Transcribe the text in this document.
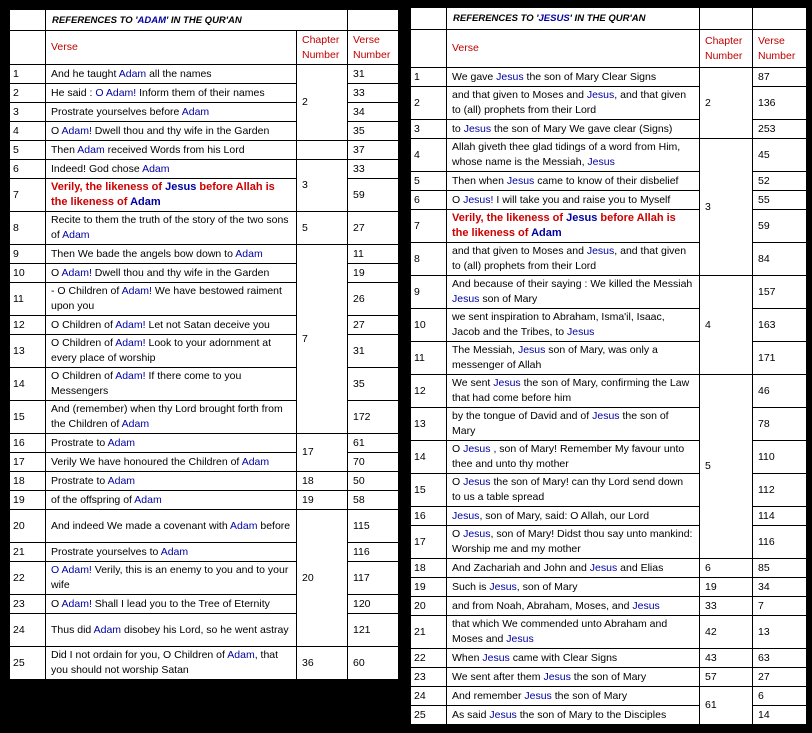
	REFERENCES TO 'ADAM' IN THE QUR'AN		
	Verse	Chapter Number	Verse Number
1	And he taught Adam all the names	2	31
2	He said : O Adam! Inform them of their names		33
3	Prostrate yourselves before Adam		34
4	O Adam! Dwell thou and thy wife in the Garden		35
5	Then Adam received Words from his Lord		37
6	Indeed! God chose Adam	3	33
7	Verily, the likeness of Jesus before Allah is the likeness of Adam		59
8	Recite to them the truth of the story of the two sons of Adam	5	27
9	Then We bade the angels bow down to Adam	7	11
10	O Adam! Dwell thou and thy wife in the Garden		19
11	- O Children of Adam! We have bestowed raiment upon you		26
12	O Children of Adam! Let not Satan deceive you		27
13	O Children of Adam! Look to your adornment at every place of worship		31
14	O Children of Adam! If there come to you Messengers		35
15	And (remember) when thy Lord brought forth from the Children of Adam		172
16	Prostrate to Adam	17	61
17	Verily We have honoured the Children of Adam		70
18	Prostrate to Adam	18	50
19	of the offspring of Adam	19	58
20	And indeed We made a covenant with Adam before	20	115
21	Prostrate yourselves to Adam		116
22	O Adam! Verily, this is an enemy to you and to your wife		117
23	O Adam! Shall I lead you to the Tree of Eternity		120
24	Thus did Adam disobey his Lord, so he went astray		121
25	Did I not ordain for you, O Children of Adam, that you should not worship Satan	36	60
	REFERENCES TO 'JESUS' IN THE QUR'AN		
	Verse	Chapter Number	Verse Number
1	We gave Jesus the son of Mary Clear Signs	2	87
2	and that given to Moses and Jesus, and that given to (all) prophets from their Lord		136
3	to Jesus the son of Mary We gave clear (Signs)		253
4	Allah giveth thee glad tidings of a word from Him, whose name is the Messiah, Jesus	3	45
5	Then when Jesus came to know of their disbelief		52
6	O Jesus! I will take you and raise you to Myself		55
7	Verily, the likeness of Jesus before Allah is the likeness of Adam		59
8	and that given to Moses and Jesus, and that given to (all) prophets from their Lord		84
9	And because of their saying : We killed the Messiah Jesus son of Mary	4	157
10	we sent inspiration to Abraham, Isma'il, Isaac, Jacob and the Tribes, to Jesus		163
11	The Messiah, Jesus son of Mary, was only a messenger of Allah		171
12	We sent Jesus the son of Mary, confirming the Law that had come before him	5	46
13	by the tongue of David and of Jesus the son of Mary		78
14	O Jesus , son of Mary! Remember My favour unto thee and unto thy mother		110
15	O Jesus the son of Mary! can thy Lord send down to us a table spread		112
16	Jesus, son of Mary, said: O Allah, our Lord		114
17	O Jesus, son of Mary! Didst thou say unto mankind: Worship me and my mother		116
18	And Zachariah and John and Jesus and Elias	6	85
19	Such is Jesus, son of Mary	19	34
20	and from Noah, Abraham, Moses, and Jesus	33	7
21	that which We commended unto Abraham and Moses and Jesus	42	13
22	When Jesus came with Clear Signs	43	63
23	We sent after them Jesus the son of Mary	57	27
24	And remember Jesus the son of Mary	61	6
25	As said Jesus the son of Mary to the Disciples		14
